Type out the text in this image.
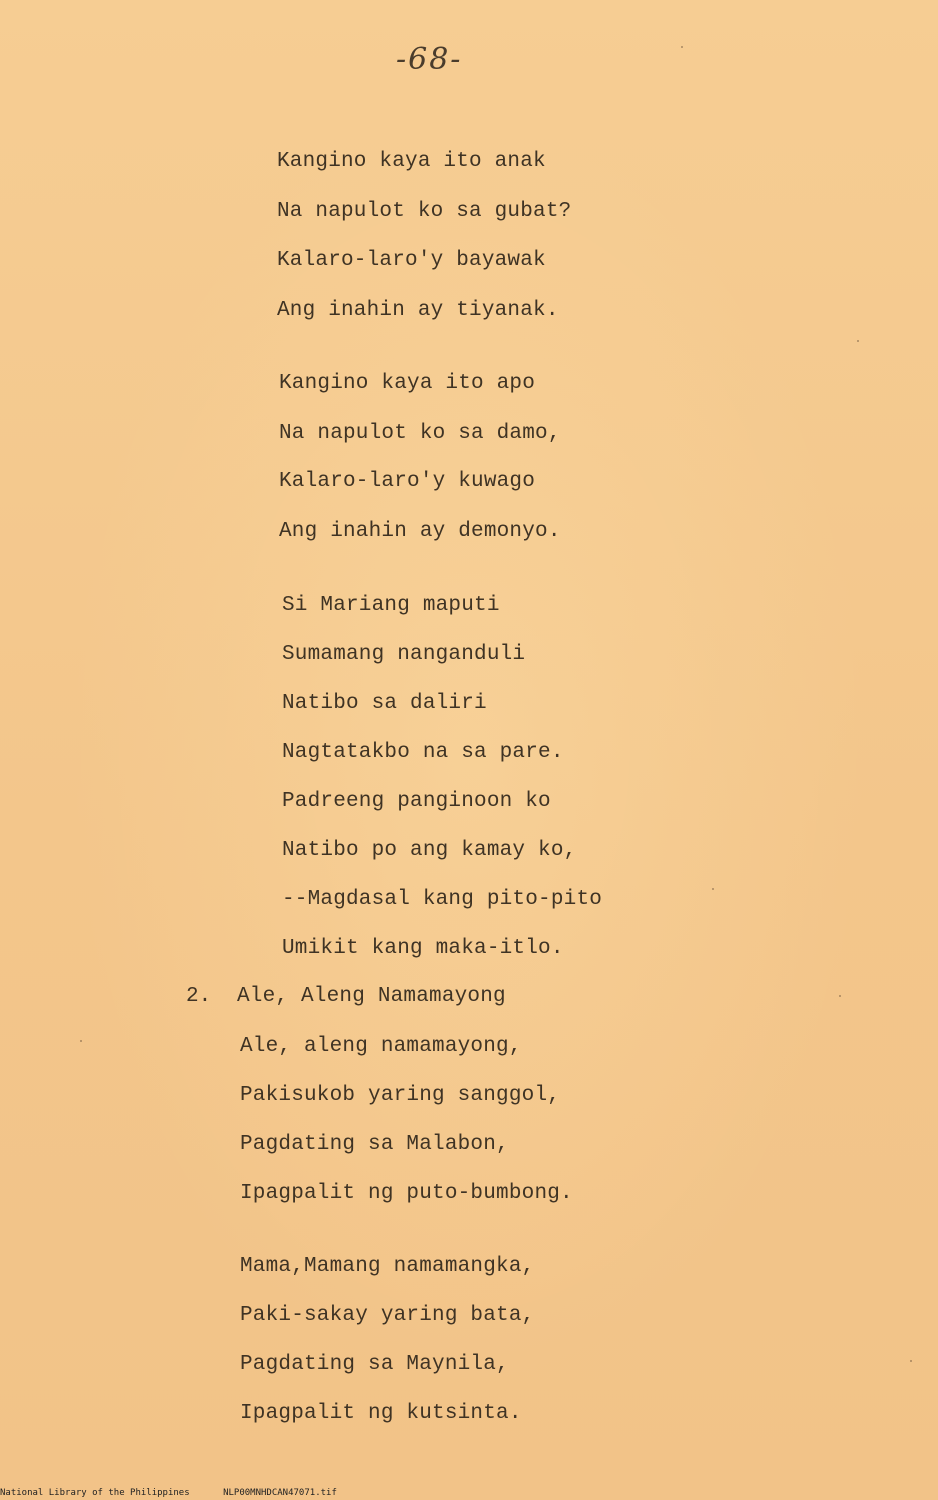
-68-
Kangino kaya ito anak
Na napulot ko sa gubat?
Kalaro-laro'y bayawak
Ang inahin ay tiyanak.
Kangino kaya ito apo
Na napulot ko sa damo,
Kalaro-laro'y kuwago
Ang inahin ay demonyo.
Si Mariang maputi
Sumamang nanganduli
Natibo sa daliri
Nagtatakbo na sa pare.
Padreeng panginoon ko
Natibo po ang kamay ko,
--Magdasal kang pito-pito
Umikit kang maka-itlo.
2. Ale, Aleng Namamayong
Ale, aleng namamayong,
Pakisukob yaring sanggol,
Pagdating sa Malabon,
Ipagpalit ng puto-bumbong.
Mama,Mamang namamangka,
Paki-sakay yaring bata,
Pagdating sa Maynila,
Ipagpalit ng kutsinta.
National Library of the Philippines	NLP00MNHDCAN47071.tif
